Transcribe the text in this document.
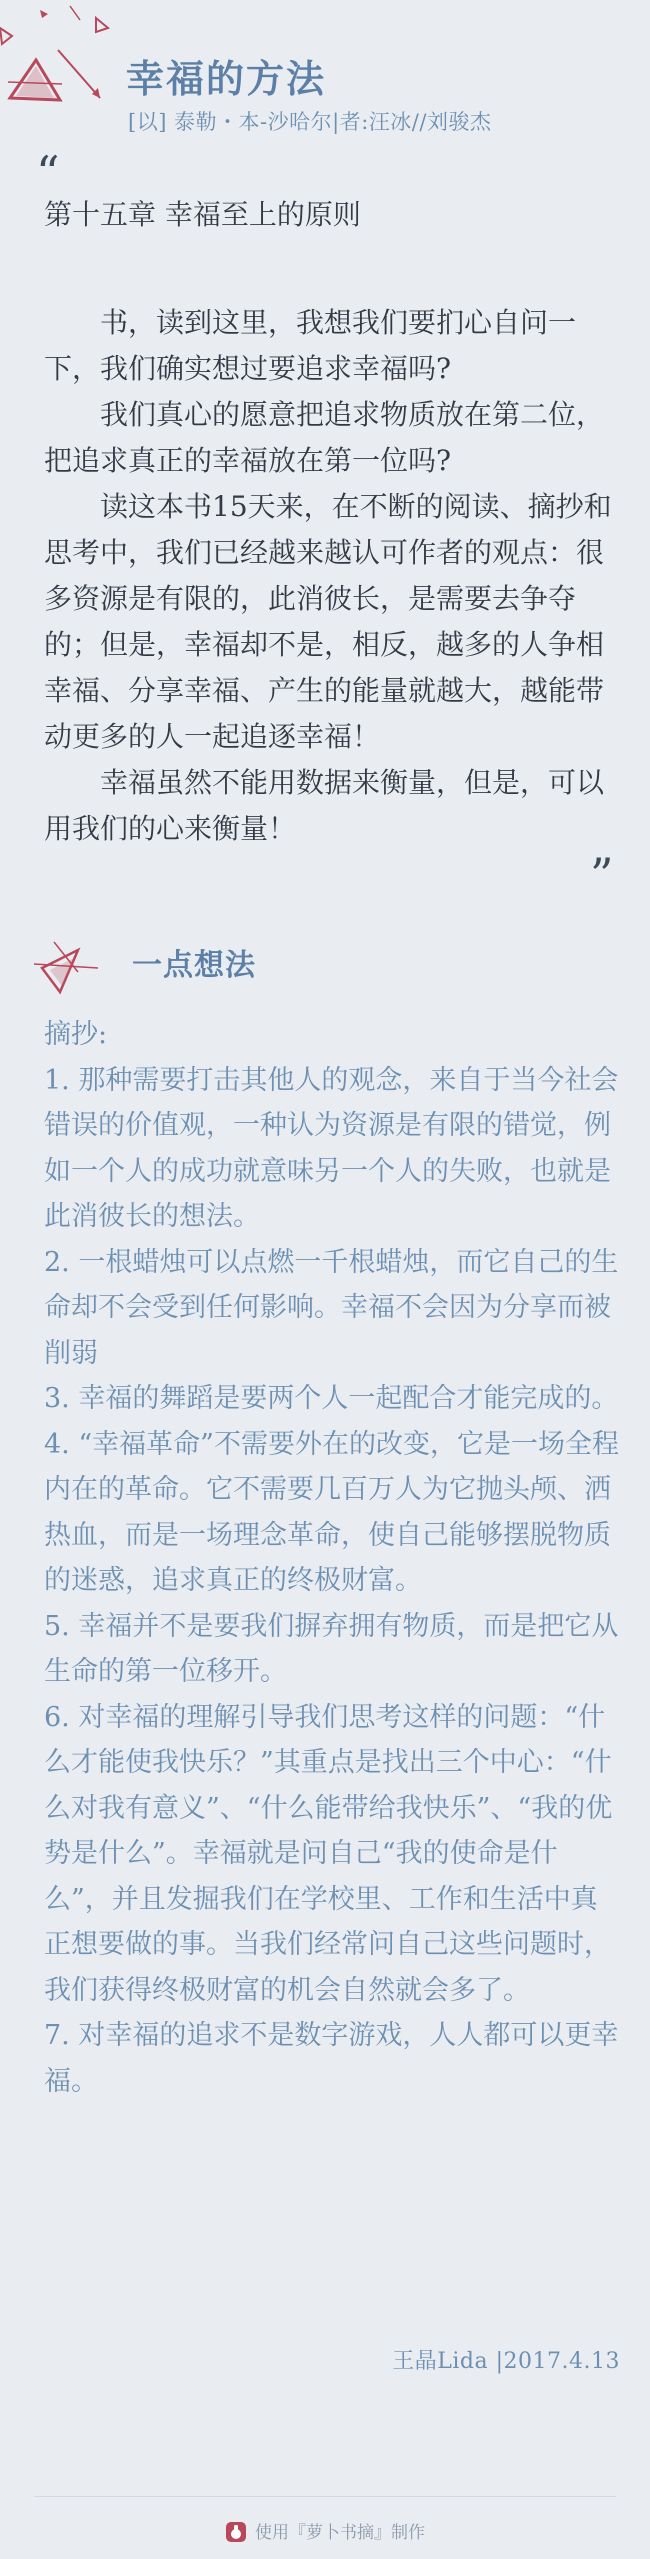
幸福的方法
[以] 泰勒・本-沙哈尔|者:汪冰//刘骏杰
“
第十五章 幸福至上的原则

书，读到这里，我想我们要扪心自问一下，我们确实想过要追求幸福吗?

我们真心的愿意把追求物质放在第二位，把追求真正的幸福放在第一位吗?

读这本书15天来，在不断的阅读、摘抄和思考中，我们已经越来越认可作者的观点：很多资源是有限的，此消彼长，是需要去争夺的；但是，幸福却不是，相反，越多的人争相幸福、分享幸福、产生的能量就越大，越能带动更多的人一起追逐幸福！

幸福虽然不能用数据来衡量，但是，可以用我们的心来衡量！

”
一点想法
摘抄:
1. 那种需要打击其他人的观念，来自于当今社会错误的价值观，一种认为资源是有限的错觉，例如一个人的成功就意味另一个人的失败，也就是此消彼长的想法。
2. 一根蜡烛可以点燃一千根蜡烛，而它自己的生命却不会受到任何影响。幸福不会因为分享而被削弱
3. 幸福的舞蹈是要两个人一起配合才能完成的。
4. “幸福革命”不需要外在的改变，它是一场全程内在的革命。它不需要几百万人为它抛头颅、洒热血，而是一场理念革命，使自己能够摆脱物质的迷惑，追求真正的终极财富。
5. 幸福并不是要我们摒弃拥有物质，而是把它从生命的第一位移开。
6. 对幸福的理解引导我们思考这样的问题：“什么才能使我快乐？”其重点是找出三个中心：“什么对我有意义”、“什么能带给我快乐”、“我的优势是什么”。幸福就是问自己“我的使命是什么”，并且发掘我们在学校里、工作和生活中真正想要做的事。当我们经常问自己这些问题时，我们获得终极财富的机会自然就会多了。
7. 对幸福的追求不是数字游戏，人人都可以更幸福。
王晶Lida |2017.4.13
使用『萝卜书摘』制作
